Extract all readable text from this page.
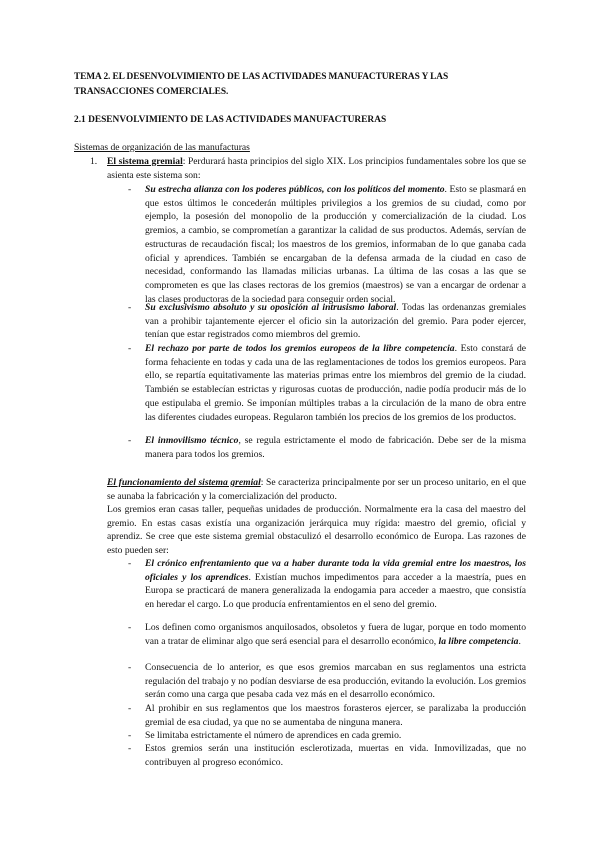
TEMA 2. EL DESENVOLVIMIENTO DE LAS ACTIVIDADES MANUFACTURERAS Y LAS TRANSACCIONES COMERCIALES.
2.1 DESENVOLVIMIENTO DE LAS ACTIVIDADES MANUFACTURERAS
Sistemas de organización de las manufacturas
1. El sistema gremial: Perdurará hasta principios del siglo XIX. Los principios fundamentales sobre los que se asienta este sistema son:
- Su estrecha alianza con los poderes públicos, con los políticos del momento. Esto se plasmará en que estos últimos le concederán múltiples privilegios a los gremios de su ciudad, como por ejemplo, la posesión del monopolio de la producción y comercialización de la ciudad. Los gremios, a cambio, se comprometían a garantizar la calidad de sus productos. Además, servían de estructuras de recaudación fiscal; los maestros de los gremios, informaban de lo que ganaba cada oficial y aprendices. También se encargaban de la defensa armada de la ciudad en caso de necesidad, conformando las llamadas milicias urbanas. La última de las cosas a las que se comprometen es que las clases rectoras de los gremios (maestros) se van a encargar de ordenar a las clases productoras de la sociedad para conseguir orden social.
- Su exclusivismo absoluto y su oposición al intrusismo laboral. Todas las ordenanzas gremiales van a prohibir tajantemente ejercer el oficio sin la autorización del gremio. Para poder ejercer, tenían que estar registrados como miembros del gremio.
- El rechazo por parte de todos los gremios europeos de la libre competencia. Esto constará de forma fehaciente en todas y cada una de las reglamentaciones de todos los gremios europeos. Para ello, se repartía equitativamente las materias primas entre los miembros del gremio de la ciudad. También se establecían estrictas y rigurosas cuotas de producción, nadie podía producir más de lo que estipulaba el gremio. Se imponían múltiples trabas a la circulación de la mano de obra entre las diferentes ciudades europeas. Regularon también los precios de los gremios de los productos.
- El inmovilismo técnico, se regula estrictamente el modo de fabricación. Debe ser de la misma manera para todos los gremios.
El funcionamiento del sistema gremial: Se caracteriza principalmente por ser un proceso unitario, en el que se aunaba la fabricación y la comercialización del producto.
Los gremios eran casas taller, pequeñas unidades de producción. Normalmente era la casa del maestro del gremio. En estas casas existía una organización jerárquica muy rígida: maestro del gremio, oficial y aprendiz. Se cree que este sistema gremial obstaculizó el desarrollo económico de Europa. Las razones de esto pueden ser:
- El crónico enfrentamiento que va a haber durante toda la vida gremial entre los maestros, los oficiales y los aprendices. Existían muchos impedimentos para acceder a la maestría, pues en Europa se practicará de manera generalizada la endogamia para acceder a maestro, que consistía en heredar el cargo. Lo que producía enfrentamientos en el seno del gremio.
- Los definen como organismos anquilosados, obsoletos y fuera de lugar, porque en todo momento van a tratar de eliminar algo que será esencial para el desarrollo económico, la libre competencia.
- Consecuencia de lo anterior, es que esos gremios marcaban en sus reglamentos una estricta regulación del trabajo y no podían desviarse de esa producción, evitando la evolución. Los gremios serán como una carga que pesaba cada vez más en el desarrollo económico.
- Al prohibir en sus reglamentos que los maestros forasteros ejercer, se paralizaba la producción gremial de esa ciudad, ya que no se aumentaba de ninguna manera.
- Se limitaba estrictamente el número de aprendices en cada gremio.
- Estos gremios serán una institución esclerotizada, muertas en vida. Inmovilizadas, que no contribuyen al progreso económico.
